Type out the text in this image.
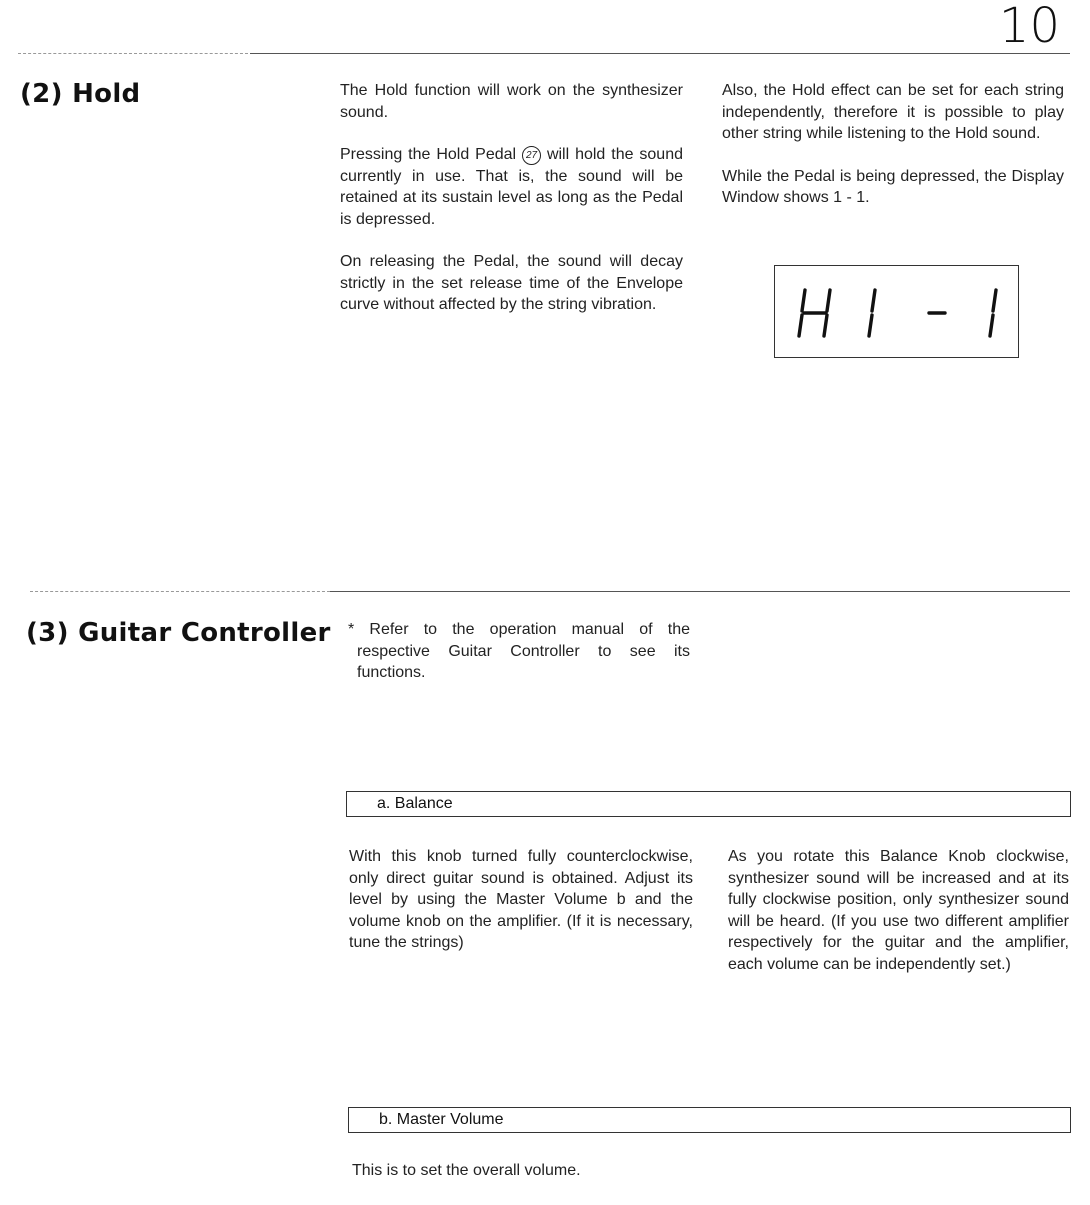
10
(2) Hold	The Hold function will work on the synthesizer sound.

Pressing the Hold Pedal 27 will hold the sound currently in use. That is, the sound will be retained at its sustain level as long as the Pedal is depressed.

On releasing the Pedal, the sound will decay strictly in the set release time of the Envelope curve without affected by the string vibration.

Also, the Hold effect can be set for each string independently, therefore it is possible to play other string while listening to the Hold sound.

While the Pedal is being depressed, the Display Window shows 1 - 1.

(3) Guitar Controller * Refer to the operation manual of the respective Guitar Controller to see its functions.
a. Balance
With this knob turned fully counterclockwise, only direct guitar sound is obtained. Adjust its level by using the Master Volume b and the volume knob on the amplifier. (If it is necessary, tune the strings)
As you rotate this Balance Knob clockwise, synthesizer sound will be increased and at its fully clockwise position, only synthesizer sound will be heard. (If you use two different amplifier respectively for the guitar and the amplifier, each volume can be independently set.)
b. Master Volume
This is to set the overall volume.
